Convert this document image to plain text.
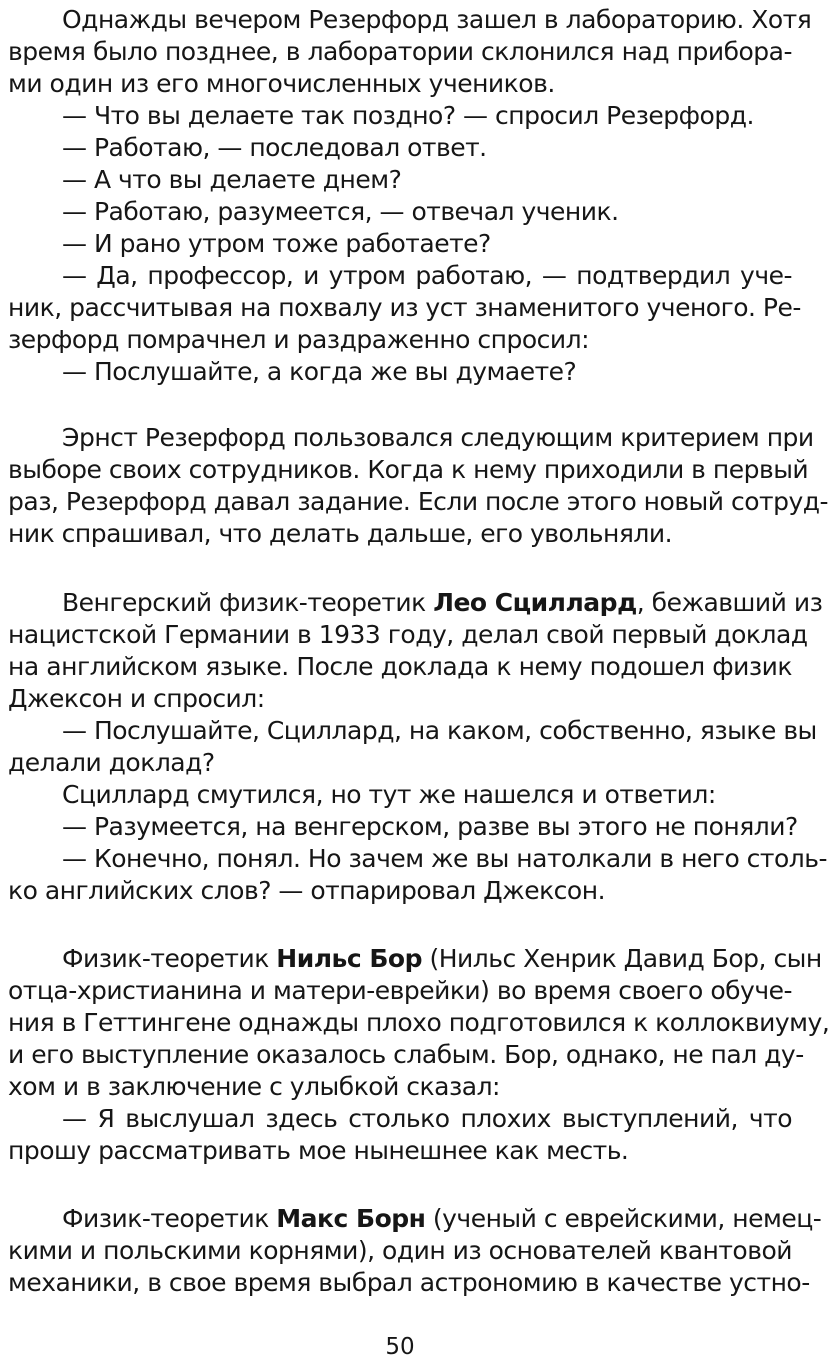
Однажды вечером Резерфорд зашел в лабораторию. Хотя
время было позднее, в лаборатории склонился над прибора-
ми один из его многочисленных учеников.
— Что вы делаете так поздно? — спросил Резерфорд.
— Работаю, — последовал ответ.
— А что вы делаете днем?
— Работаю, разумеется, — отвечал ученик.
— И рано утром тоже работаете?
— Да, профессор, и утром работаю, — подтвердил уче-
ник, рассчитывая на похвалу из уст знаменитого ученого. Ре-
зерфорд помрачнел и раздраженно спросил:
— Послушайте, а когда же вы думаете?
Эрнст Резерфорд пользовался следующим критерием при
выборе своих сотрудников. Когда к нему приходили в первый
раз, Резерфорд давал задание. Если после этого новый сотруд-
ник спрашивал, что делать дальше, его увольняли.
Венгерский физик-теоретик Лео Сциллард, бежавший из
нацистской Германии в 1933 году, делал свой первый доклад
на английском языке. После доклада к нему подошел физик
Джексон и спросил:
— Послушайте, Сциллард, на каком, собственно, языке вы
делали доклад?
Сциллард смутился, но тут же нашелся и ответил:
— Разумеется, на венгерском, разве вы этого не поняли?
— Конечно, понял. Но зачем же вы натолкали в него столь-
ко английских слов? — отпарировал Джексон.
Физик-теоретик Нильс Бор (Нильс Хенрик Давид Бор, сын
отца-христианина и матери-еврейки) во время своего обуче-
ния в Геттингене однажды плохо подготовился к коллоквиуму,
и его выступление оказалось слабым. Бор, однако, не пал ду-
хом и в заключение с улыбкой сказал:
— Я выслушал здесь столько плохих выступлений, что
прошу рассматривать мое нынешнее как месть.
Физик-теоретик Макс Борн (ученый с еврейскими, немец-
кими и польскими корнями), один из основателей квантовой
механики, в свое время выбрал астрономию в качестве устно-
50
